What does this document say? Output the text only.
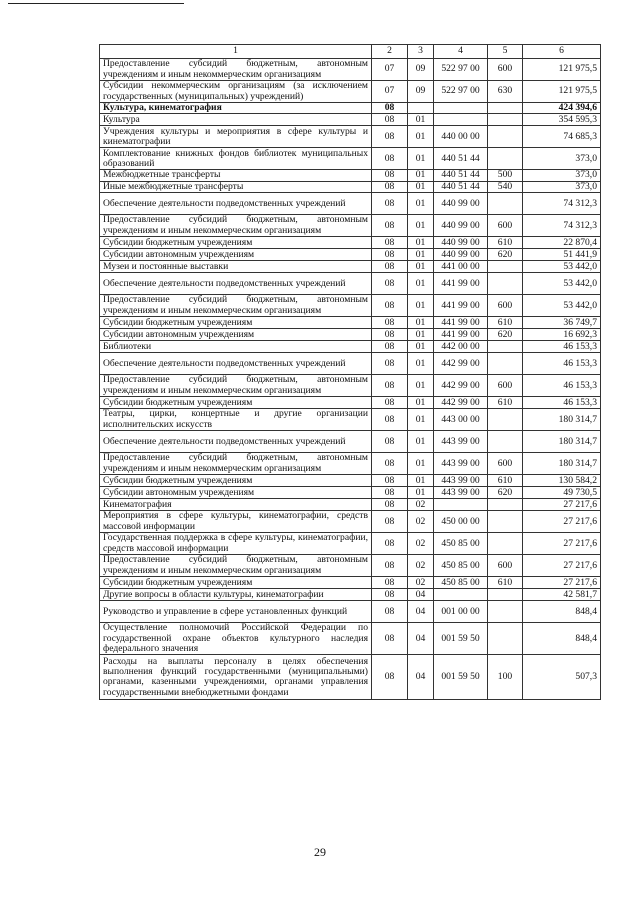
1	2	3	4	5	6
Предоставление субсидий бюджетным, автономным учреждениям и иным некоммерческим организациям	07	09	522 97 00	600	121 975,5
Субсидии некоммерческим организациям (за исключением государственных (муниципальных) учреждений)	07	09	522 97 00	630	121 975,5
Культура, кинематография	08				424 394,6
Культура	08	01			354 595,3
Учреждения культуры и мероприятия в сфере культуры и кинематографии	08	01	440 00 00		74 685,3
Комплектование книжных фондов библиотек муниципальных образований	08	01	440 51 44		373,0
Межбюджетные трансферты	08	01	440 51 44	500	373,0
Иные межбюджетные трансферты	08	01	440 51 44	540	373,0
Обеспечение деятельности подведомственных учреждений	08	01	440 99 00		74 312,3
Предоставление субсидий бюджетным, автономным учреждениям и иным некоммерческим организациям	08	01	440 99 00	600	74 312,3
Субсидии бюджетным учреждениям	08	01	440 99 00	610	22 870,4
Субсидии автономным учреждениям	08	01	440 99 00	620	51 441,9
Музеи и постоянные выставки	08	01	441 00 00		53 442,0
Обеспечение деятельности подведомственных учреждений	08	01	441 99 00		53 442,0
Предоставление субсидий бюджетным, автономным учреждениям и иным некоммерческим организациям	08	01	441 99 00	600	53 442,0
Субсидии бюджетным учреждениям	08	01	441 99 00	610	36 749,7
Субсидии автономным учреждениям	08	01	441 99 00	620	16 692,3
Библиотеки	08	01	442 00 00		46 153,3
Обеспечение деятельности подведомственных учреждений	08	01	442 99 00		46 153,3
Предоставление субсидий бюджетным, автономным учреждениям и иным некоммерческим организациям	08	01	442 99 00	600	46 153,3
Субсидии бюджетным учреждениям	08	01	442 99 00	610	46 153,3
Театры, цирки, концертные и другие организации исполнительских искусств	08	01	443 00 00		180 314,7
Обеспечение деятельности подведомственных учреждений	08	01	443 99 00		180 314,7
Предоставление субсидий бюджетным, автономным учреждениям и иным некоммерческим организациям	08	01	443 99 00	600	180 314,7
Субсидии бюджетным учреждениям	08	01	443 99 00	610	130 584,2
Субсидии автономным учреждениям	08	01	443 99 00	620	49 730,5
Кинематография	08	02			27 217,6
Мероприятия в сфере культуры, кинематографии, средств массовой информации	08	02	450 00 00		27 217,6
Государственная поддержка в сфере культуры, кинематографии, средств массовой информации	08	02	450 85 00		27 217,6
Предоставление субсидий бюджетным, автономным учреждениям и иным некоммерческим организациям	08	02	450 85 00	600	27 217,6
Субсидии бюджетным учреждениям	08	02	450 85 00	610	27 217,6
Другие вопросы в области культуры, кинематографии	08	04			42 581,7
Руководство и управление в сфере установленных функций	08	04	001 00 00		848,4
Осуществление полномочий Российской Федерации по государственной охране объектов культурного наследия федерального значения	08	04	001 59 50		848,4
Расходы на выплаты персоналу в целях обеспечения выполнения функций государственными (муниципальными) органами, казенными учреждениями, органами управления государственными внебюджетными фондами	08	04	001 59 50	100	507,3
29
